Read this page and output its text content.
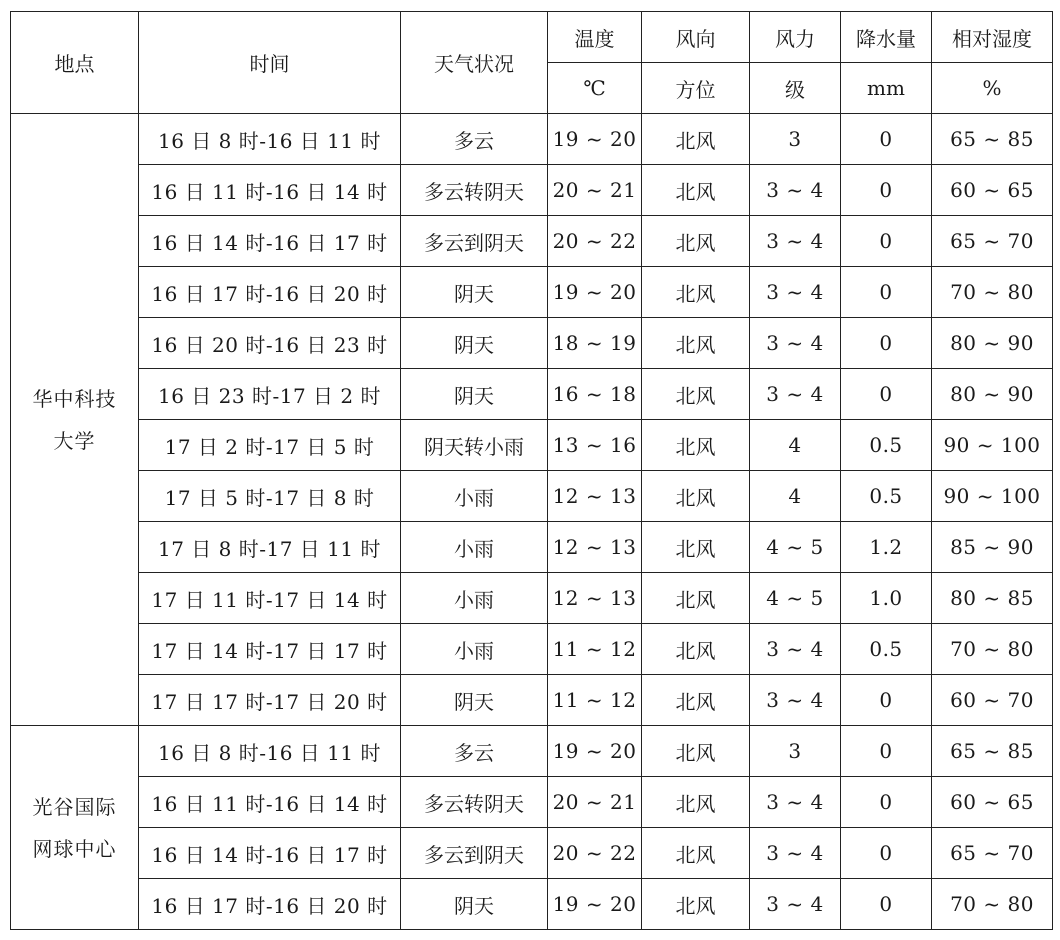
地点	时间	天气状况	温度	风向	风力	降水量	相对湿度
			℃	方位	级	mm	%

华中科技
大学	16 日 8 时-16 日 11 时	多云	19 ~ 20	北风	3	0	65 ~ 85
	16 日 11 时-16 日 14 时	多云转阴天	20 ~ 21	北风	3 ~ 4	0	60 ~ 65
	16 日 14 时-16 日 17 时	多云到阴天	20 ~ 22	北风	3 ~ 4	0	65 ~ 70
	16 日 17 时-16 日 20 时	阴天	19 ~ 20	北风	3 ~ 4	0	70 ~ 80
	16 日 20 时-16 日 23 时	阴天	18 ~ 19	北风	3 ~ 4	0	80 ~ 90
	16 日 23 时-17 日 2 时	阴天	16 ~ 18	北风	3 ~ 4	0	80 ~ 90
	17 日 2 时-17 日 5 时	阴天转小雨	13 ~ 16	北风	4	0.5	90 ~ 100
	17 日 5 时-17 日 8 时	小雨	12 ~ 13	北风	4	0.5	90 ~ 100
	17 日 8 时-17 日 11 时	小雨	12 ~ 13	北风	4 ~ 5	1.2	85 ~ 90
	17 日 11 时-17 日 14 时	小雨	12 ~ 13	北风	4 ~ 5	1.0	80 ~ 85
	17 日 14 时-17 日 17 时	小雨	11 ~ 12	北风	3 ~ 4	0.5	70 ~ 80
	17 日 17 时-17 日 20 时	阴天	11 ~ 12	北风	3 ~ 4	0	60 ~ 70

光谷国际
网球中心	16 日 8 时-16 日 11 时	多云	19 ~ 20	北风	3	0	65 ~ 85
	16 日 11 时-16 日 14 时	多云转阴天	20 ~ 21	北风	3 ~ 4	0	60 ~ 65
	16 日 14 时-16 日 17 时	多云到阴天	20 ~ 22	北风	3 ~ 4	0	65 ~ 70
	16 日 17 时-16 日 20 时	阴天	19 ~ 20	北风	3 ~ 4	0	70 ~ 80
